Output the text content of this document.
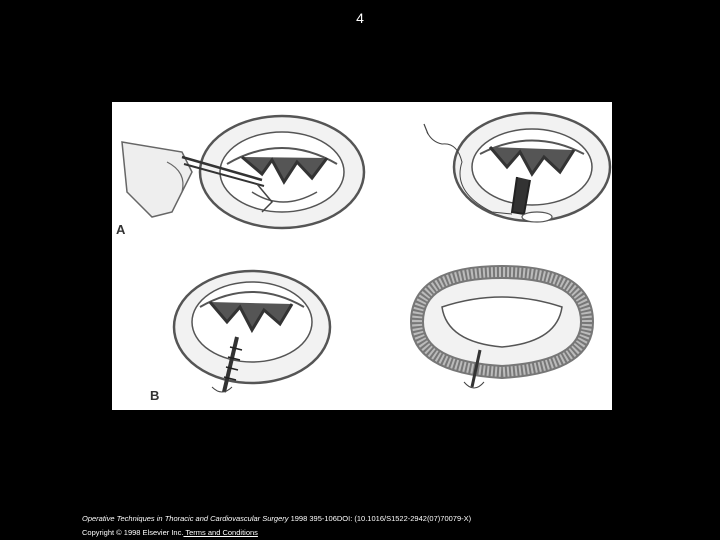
4
A
B
Operative Techniques in Thoracic and Cardiovascular Surgery 1998 395-106DOI: (10.1016/S1522-2942(07)70079-X)
Copyright © 1998 Elsevier Inc. Terms and Conditions
